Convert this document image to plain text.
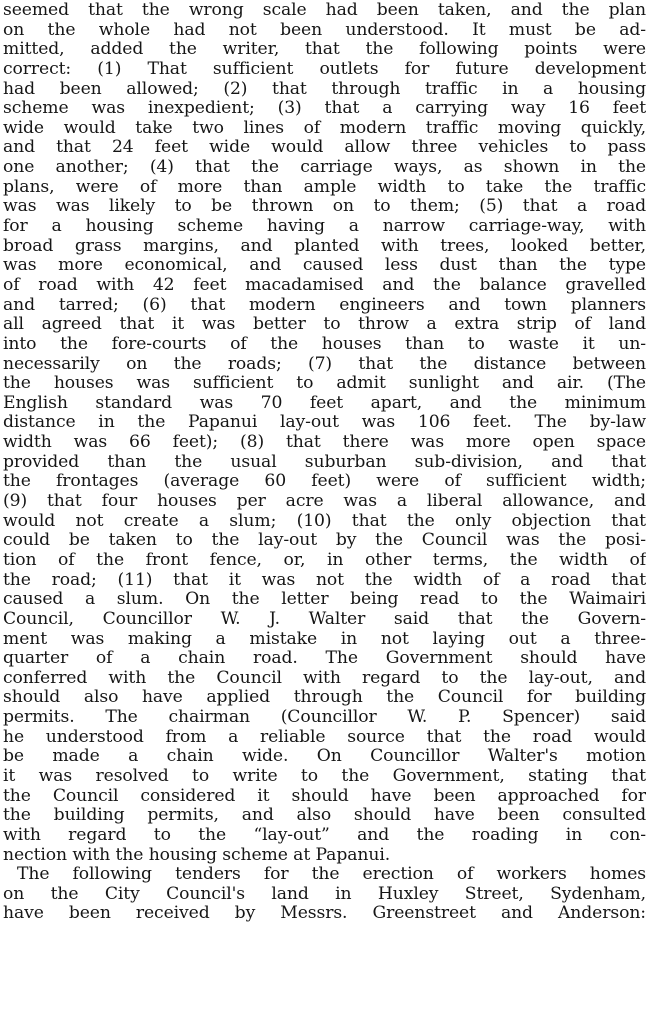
seemed that the wrong scale had been taken, and the plan
on the whole had not been understood. It must be ad-
mitted, added the writer, that the following points were
correct: (1) That sufficient outlets for future development
had been allowed; (2) that through traffic in a housing
scheme was inexpedient; (3) that a carrying way 16 feet
wide would take two lines of modern traffic moving quickly,
and that 24 feet wide would allow three vehicles to pass
one another; (4) that the carriage ways, as shown in the
plans, were of more than ample width to take the traffic
was was likely to be thrown on to them; (5) that a road
for a housing scheme having a narrow carriage-way, with
broad grass margins, and planted with trees, looked better,
was more economical, and caused less dust than the type
of road with 42 feet macadamised and the balance gravelled
and tarred; (6) that modern engineers and town planners
all agreed that it was better to throw a extra strip of land
into the fore-courts of the houses than to waste it un-
necessarily on the roads; (7) that the distance between
the houses was sufficient to admit sunlight and air. (The
English standard was 70 feet apart, and the minimum
distance in the Papanui lay-out was 106 feet. The by-law
width was 66 feet); (8) that there was more open space
provided than the usual suburban sub-division, and that
the frontages (average 60 feet) were of sufficient width;
(9) that four houses per acre was a liberal allowance, and
would not create a slum; (10) that the only objection that
could be taken to the lay-out by the Council was the posi-
tion of the front fence, or, in other terms, the width of
the road; (11) that it was not the width of a road that
caused a slum. On the letter being read to the Waimairi
Council, Councillor W. J. Walter said that the Govern-
ment was making a mistake in not laying out a three-
quarter of a chain road. The Government should have
conferred with the Council with regard to the lay-out, and
should also have applied through the Council for building
permits. The chairman (Councillor W. P. Spencer) said
he understood from a reliable source that the road would
be made a chain wide. On Councillor Walter's motion
it was resolved to write to the Government, stating that
the Council considered it should have been approached for
the building permits, and also should have been consulted
with regard to the “lay-out” and the roading in con-
nection with the housing scheme at Papanui.
The following tenders for the erection of workers homes
on the City Council's land in Huxley Street, Sydenham,
have been received by Messrs. Greenstreet and Anderson:
